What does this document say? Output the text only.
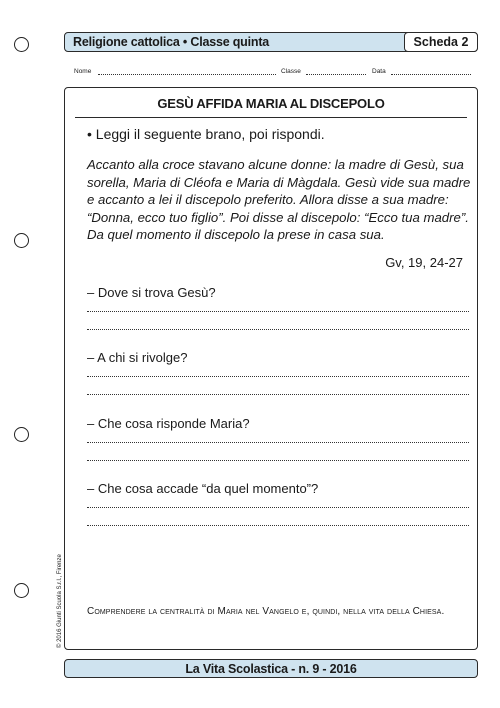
Religione cattolica • Classe quinta	Scheda 2
Nome	Classe	Data
GESÙ AFFIDA MARIA AL DISCEPOLO
• Leggi il seguente brano, poi rispondi.
Accanto alla croce stavano alcune donne: la madre di Gesù, sua sorella, Maria di Cléofa e Maria di Màgdala. Gesù vide sua madre e accanto a lei il discepolo preferito. Allora disse a sua madre: “Donna, ecco tuo figlio”. Poi disse al discepolo: “Ecco tua madre”. Da quel momento il discepolo la prese in casa sua.
Gv, 19, 24-27
– Dove si trova Gesù?
– A chi si rivolge?
– Che cosa risponde Maria?
– Che cosa accade “da quel momento”?
Comprendere la centralità di Maria nel Vangelo e, quindi, nella vita della Chiesa.
© 2016 Giunti Scuola S.r.l., Firenze
La Vita Scolastica - n. 9 - 2016
